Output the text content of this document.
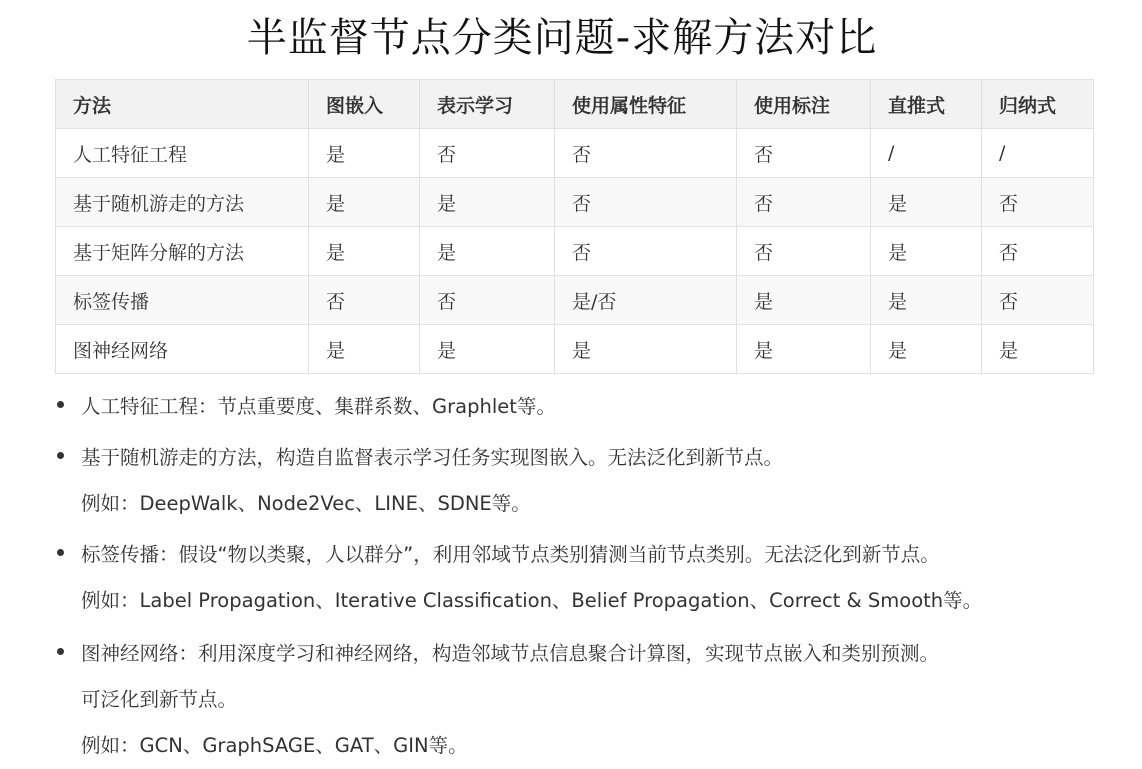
半监督节点分类问题-求解方法对比
方法	图嵌入	表示学习	使用属性特征	使用标注	直推式	归纳式
人工特征工程	是	否	否	否	/	/
基于随机游走的方法	是	是	否	否	是	否
基于矩阵分解的方法	是	是	否	否	是	否
标签传播	否	否	是/否	是	是	否
图神经网络	是	是	是	是	是	是

人工特征工程：节点重要度、集群系数、Graphlet等。

基于随机游走的方法，构造自监督表示学习任务实现图嵌入。无法泛化到新节点。

例如：DeepWalk、Node2Vec、LINE、SDNE等。

标签传播：假设“物以类聚，人以群分”，利用邻域节点类别猜测当前节点类别。无法泛化到新节点。

例如：Label Propagation、Iterative Classification、Belief Propagation、Correct & Smooth等。

图神经网络：利用深度学习和神经网络，构造邻域节点信息聚合计算图，实现节点嵌入和类别预测。

可泛化到新节点。

例如：GCN、GraphSAGE、GAT、GIN等。
